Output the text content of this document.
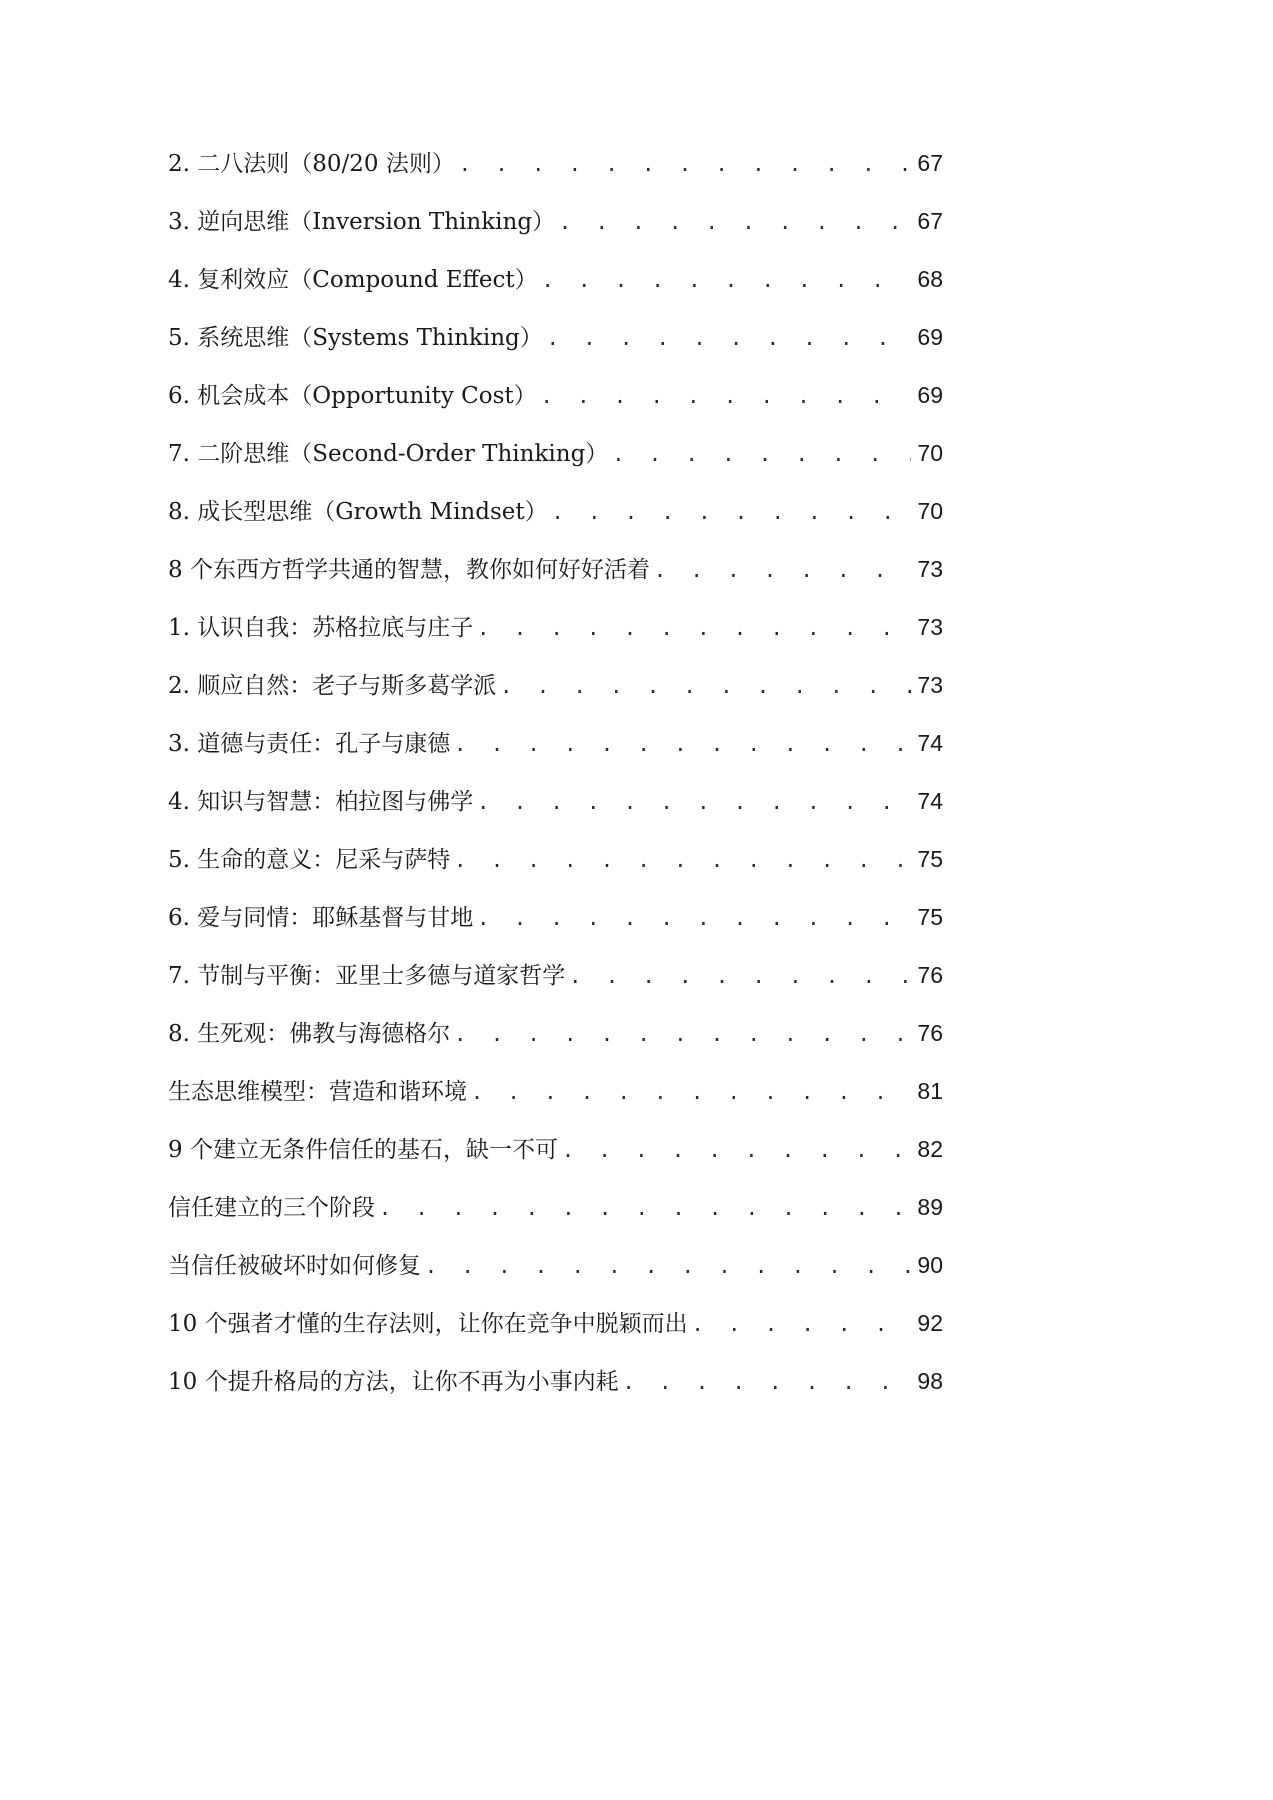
2. 二八法则（80/20 法则） . . .	67
3. 逆向思维（Inversion Thinking） . . .	67
4. 复利效应（Compound Effect） . . .	68
5. 系统思维（Systems Thinking） . . .	69
6. 机会成本（Opportunity Cost） . . .	69
7. 二阶思维（Second-Order Thinking） . . .	70
8. 成长型思维（Growth Mindset） . . .	70
8 个东西方哲学共通的智慧，教你如何好好活着 . . .	73
1. 认识自我：苏格拉底与庄子 . . .	73
2. 顺应自然：老子与斯多葛学派 . . .	73
3. 道德与责任：孔子与康德 . . .	74
4. 知识与智慧：柏拉图与佛学 . . .	74
5. 生命的意义：尼采与萨特 . . .	75
6. 爱与同情：耶稣基督与甘地 . . .	75
7. 节制与平衡：亚里士多德与道家哲学 . . .	76
8. 生死观：佛教与海德格尔 . . .	76
生态思维模型：营造和谐环境 . . .	81
9 个建立无条件信任的基石，缺一不可 . . .	82
信任建立的三个阶段 . . .	89
当信任被破坏时如何修复 . . .	90
10 个强者才懂的生存法则，让你在竞争中脱颖而出 . . .	92
10 个提升格局的方法，让你不再为小事内耗 . . .	98
